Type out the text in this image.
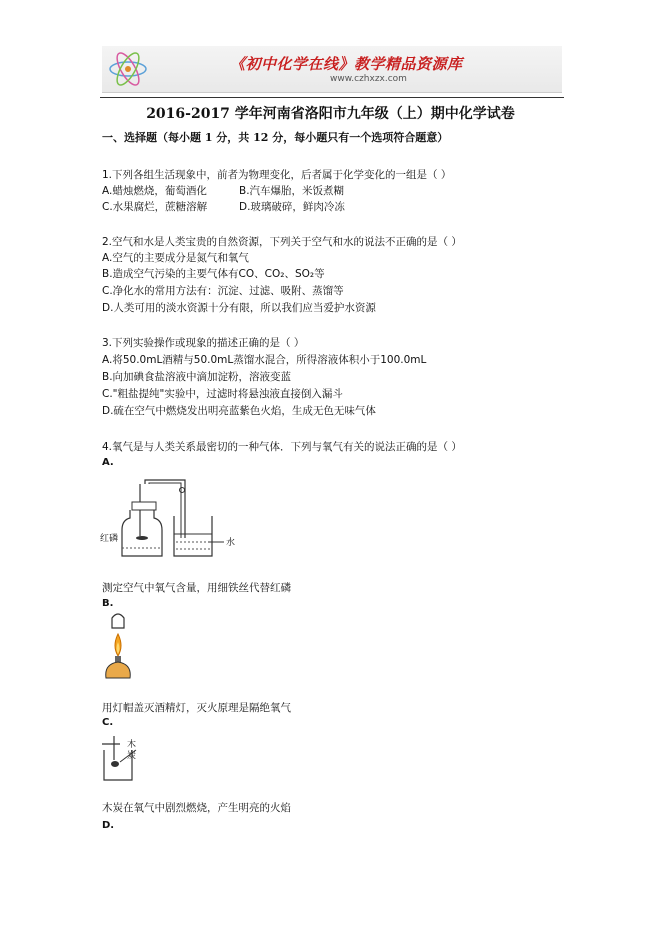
《初中化学在线》教学精品资源库
www.czhxzx.com
2016-2017 学年河南省洛阳市九年级（上）期中化学试卷
一、选择题（每小题 1 分，共 12 分，每小题只有一个选项符合题意）
1.下列各组生活现象中，前者为物理变化，后者属于化学变化的一组是（ ）
A.蜡烛燃烧，葡萄酒化	B.汽车爆胎，米饭煮糊
C.水果腐烂，蔗糖溶解	D.玻璃破碎，鲜肉冷冻
2.空气和水是人类宝贵的自然资源，下列关于空气和水的说法不正确的是（ ）
A.空气的主要成分是氮气和氧气
B.造成空气污染的主要气体有CO、CO₂、SO₂等
C.净化水的常用方法有：沉淀、过滤、吸附、蒸馏等
D.人类可用的淡水资源十分有限，所以我们应当爱护水资源
3.下列实验操作或现象的描述正确的是（ ）
A.将50.0mL酒精与50.0mL蒸馏水混合，所得溶液体积小于100.0mL
B.向加碘食盐溶液中滴加淀粉，溶液变蓝
C."粗盐提纯"实验中，过滤时将悬浊液直接倒入漏斗
D.硫在空气中燃烧发出明亮蓝紫色火焰，生成无色无味气体
4.氧气是与人类关系最密切的一种气体．下列与氧气有关的说法正确的是（ ）
A.
红磷	水
测定空气中氧气含量，用细铁丝代替红磷
B.
用灯帽盖灭酒精灯，灭火原理是隔绝氧气
C.
木炭
木炭在氧气中剧烈燃烧，产生明亮的火焰
D.
